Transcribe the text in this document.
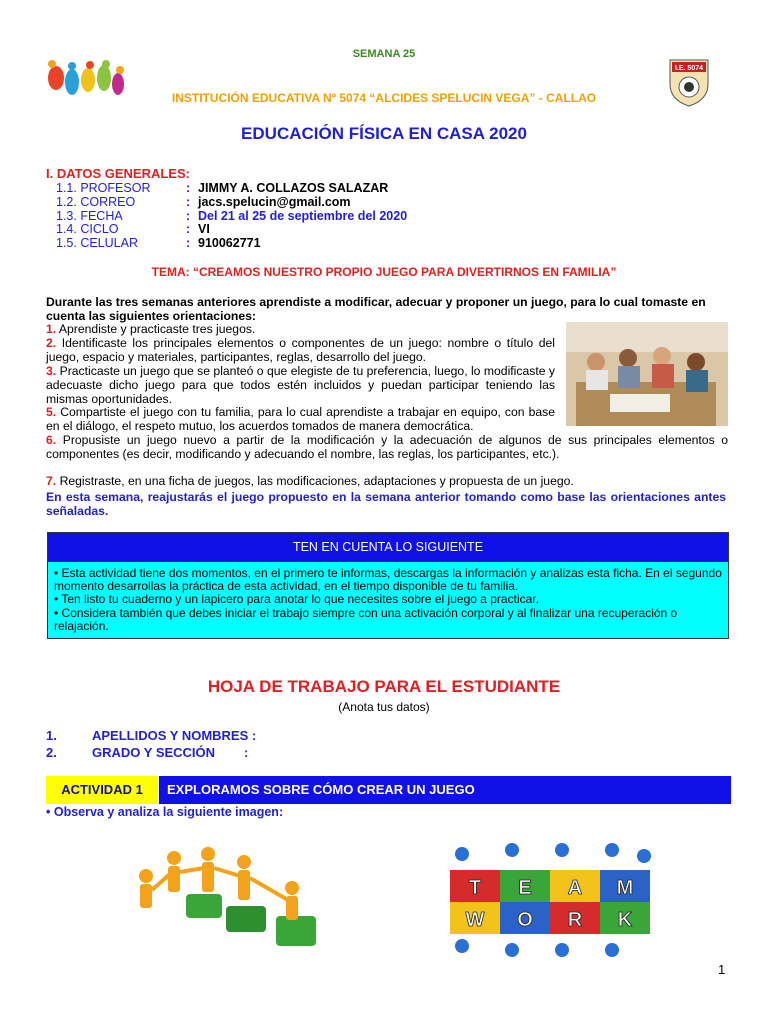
SEMANA 25
I.E. 5074
INSTITUCIÓN EDUCATIVA Nº 5074 “ALCIDES SPELUCIN VEGA” - CALLAO
EDUCACIÓN FÍSICA EN CASA 2020
I. DATOS GENERALES:
1.1. PROFESOR	: JIMMY A. COLLAZOS SALAZAR
1.2. CORREO	: jacs.spelucin@gmail.com
1.3. FECHA	: Del 21 al 25 de septiembre del 2020
1.4. CICLO	: VI
1.5. CELULAR	: 910062771
TEMA: “CREAMOS NUESTRO PROPIO JUEGO PARA DIVERTIRNOS EN FAMILIA”
Durante las tres semanas anteriores aprendiste a modificar, adecuar y proponer un juego, para lo cual tomaste en cuenta las siguientes orientaciones:
1. Aprendiste y practicaste tres juegos.
2. Identificaste los principales elementos o componentes de un juego: nombre o título del juego, espacio y materiales, participantes, reglas, desarrollo del juego.
3. Practicaste un juego que se planteó o que elegiste de tu preferencia, luego, lo modificaste y adecuaste dicho juego para que todos estén incluidos y puedan participar teniendo las mismas oportunidades.
5. Compartiste el juego con tu familia, para lo cual aprendiste a trabajar en equipo, con base en el diálogo, el respeto mutuo, los acuerdos tomados de manera democrática.
6. Propusiste un juego nuevo a partir de la modificación y la adecuación de algunos de sus principales elementos o componentes (es decir, modificando y adecuando el nombre, las reglas, los participantes, etc.).
7. Registraste, en una ficha de juegos, las modificaciones, adaptaciones y propuesta de un juego.
En esta semana, reajustarás el juego propuesto en la semana anterior tomando como base las orientaciones antes señaladas.
TEN EN CUENTA LO SIGUIENTE
• Esta actividad tiene dos momentos, en el primero te informas, descargas la información y analizas esta ficha. En el segundo momento desarrollas la práctica de esta actividad, en el tiempo disponible de tu familia.
• Ten listo tu cuaderno y un lapicero para anotar lo que necesites sobre el juego a practicar.
• Considera también que debes iniciar el trabajo siempre con una activación corporal y al finalizar una recuperación o relajación.
HOJA DE TRABAJO PARA EL ESTUDIANTE
(Anota tus datos)
1.	APELLIDOS Y NOMBRES :
2.	GRADO Y SECCIÓN        :
ACTIVIDAD 1	EXPLORAMOS SOBRE CÓMO CREAR UN JUEGO
• Observa y analiza la siguiente imagen:
T E A M
W O R K
1
